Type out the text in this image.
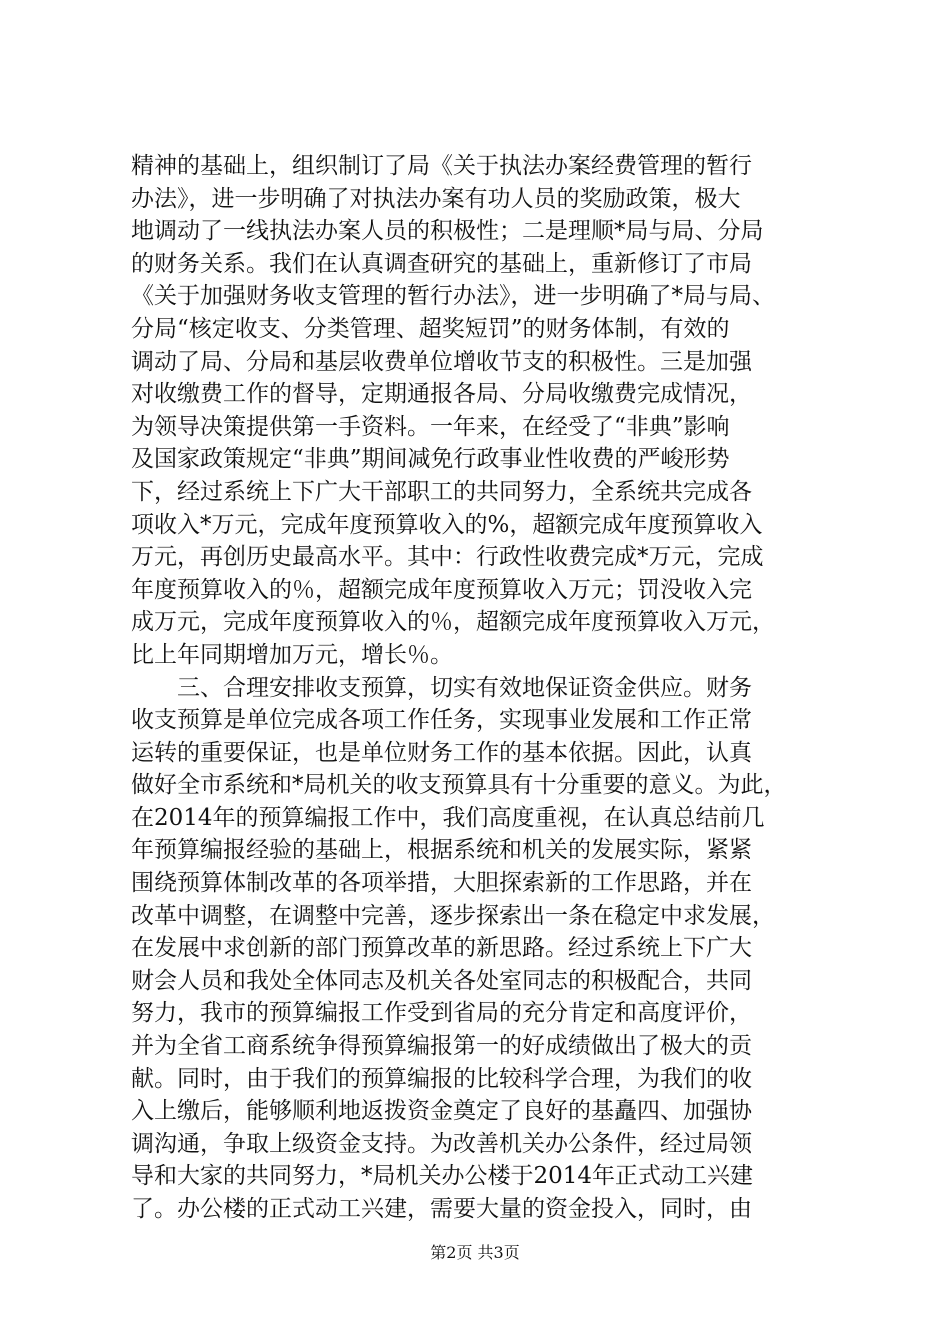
精神的基础上，组织制订了局《关于执法办案经费管理的暂行
办法》，进一步明确了对执法办案有功人员的奖励政策，极大
地调动了一线执法办案人员的积极性；二是理顺*局与局、分局
的财务关系。我们在认真调查研究的基础上，重新修订了市局
《关于加强财务收支管理的暂行办法》，进一步明确了*局与局、
分局“核定收支、分类管理、超奖短罚”的财务体制，有效的
调动了局、分局和基层收费单位增收节支的积极性。三是加强
对收缴费工作的督导，定期通报各局、分局收缴费完成情况，
为领导决策提供第一手资料。一年来，在经受了“非典”影响
及国家政策规定“非典”期间减免行政事业性收费的严峻形势
下，经过系统上下广大干部职工的共同努力，全系统共完成各
项收入*万元，完成年度预算收入的%，超额完成年度预算收入
万元，再创历史最高水平。其中：行政性收费完成*万元，完成
年度预算收入的％，超额完成年度预算收入万元；罚没收入完
成万元，完成年度预算收入的％，超额完成年度预算收入万元，
比上年同期增加万元，增长％。
　　三、合理安排收支预算，切实有效地保证资金供应。财务
收支预算是单位完成各项工作任务，实现事业发展和工作正常
运转的重要保证，也是单位财务工作的基本依据。因此，认真
做好全市系统和*局机关的收支预算具有十分重要的意义。为此，
在2014年的预算编报工作中，我们高度重视，在认真总结前几
年预算编报经验的基础上，根据系统和机关的发展实际，紧紧
围绕预算体制改革的各项举措，大胆探索新的工作思路，并在
改革中调整，在调整中完善，逐步探索出一条在稳定中求发展，
在发展中求创新的部门预算改革的新思路。经过系统上下广大
财会人员和我处全体同志及机关各处室同志的积极配合，共同
努力，我市的预算编报工作受到省局的充分肯定和高度评价，
并为全省工商系统争得预算编报第一的好成绩做出了极大的贡
献。同时，由于我们的预算编报的比较科学合理，为我们的收
入上缴后，能够顺利地返拨资金奠定了良好的基矗四、加强协
调沟通，争取上级资金支持。为改善机关办公条件，经过局领
导和大家的共同努力，*局机关办公楼于2014年正式动工兴建
了。办公楼的正式动工兴建，需要大量的资金投入，同时，由
第2页 共3页
